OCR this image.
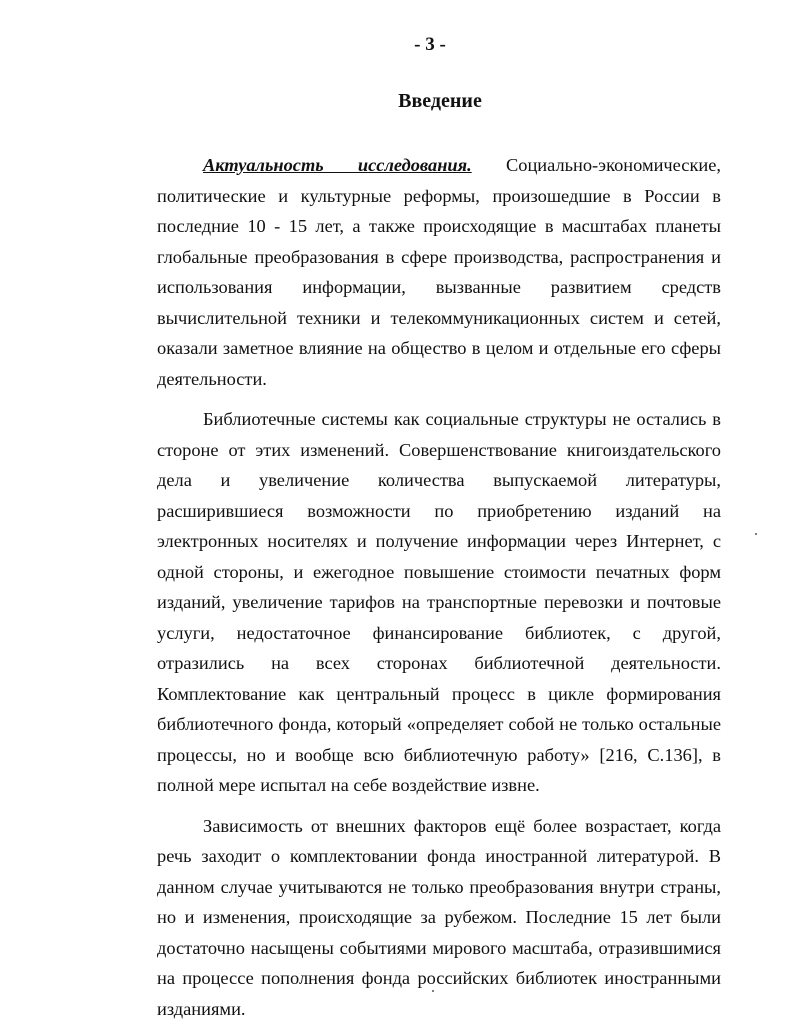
- 3 -
Введение

Актуальность исследования. Социально-экономические, политические и культурные реформы, произошедшие в России в последние 10 - 15 лет, а также происходящие в масштабах планеты глобальные преобразования в сфере производства, распространения и использования информации, вызванные развитием средств вычислительной техники и телекоммуникационных систем и сетей, оказали заметное влияние на общество в целом и отдельные его сферы деятельности.

Библиотечные системы как социальные структуры не остались в стороне от этих изменений. Совершенствование книгоиздательского дела и увеличение количества выпускаемой литературы, расширившиеся возможности по приобретению изданий на электронных носителях и получение информации через Интернет, с одной стороны, и ежегодное повышение стоимости печатных форм изданий, увеличение тарифов на транспортные перевозки и почтовые услуги, недостаточное финансирование библиотек, с другой, отразились на всех сторонах библиотечной деятельности. Комплектование как центральный процесс в цикле формирования библиотечного фонда, который «определяет собой не только остальные процессы, но и вообще всю библиотечную работу» [216, С.136], в полной мере испытал на себе воздействие извне.

Зависимость от внешних факторов ещё более возрастает, когда речь заходит о комплектовании фонда иностранной литературой. В данном случае учитываются не только преобразования внутри страны, но и изменения, происходящие за рубежом. Последние 15 лет были достаточно насыщены событиями мирового масштаба, отразившимися на процессе пополнения фонда российских библиотек иностранными изданиями.
